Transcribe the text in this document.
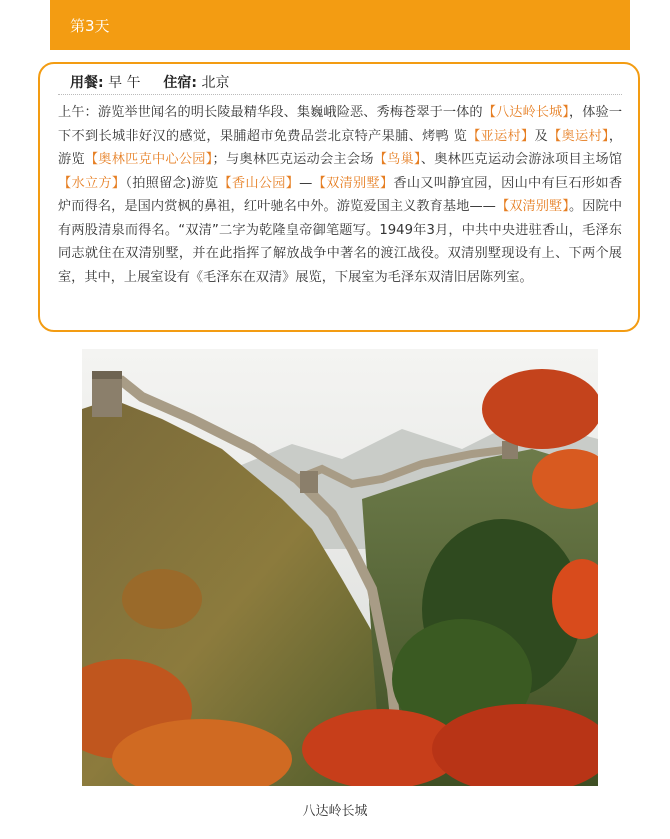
第3天
用餐: 早 午 住宿: 北京

上午：游览举世闻名的明长陵最精华段、集巍峨险恶、秀梅苍翠于一体的【八达岭长城】，体验一下不到长城非好汉的感觉，果脯超市免费品尝北京特产果脯、烤鸭 览【亚运村】及【奥运村】，游览【奥林匹克中心公园】；与奥林匹克运动会主会场【鸟巢】、奥林匹克运动会游泳项目主场馆【水立方】（拍照留念)游览【香山公园】—【双清别墅】香山又叫静宜园，因山中有巨石形如香炉而得名，是国内赏枫的鼻祖，红叶驰名中外。游览爱国主义教育基地——【双清别墅】。因院中有两股清泉而得名。“双清”二字为乾隆皇帝御笔题写。1949年3月，中共中央进驻香山，毛泽东同志就住在双清别墅，并在此指挥了解放战争中著名的渡江战役。双清别墅现设有上、下两个展室，其中，上展室设有《毛泽东在双清》展览，下展室为毛泽东双清旧居陈列室。

八达岭长城
